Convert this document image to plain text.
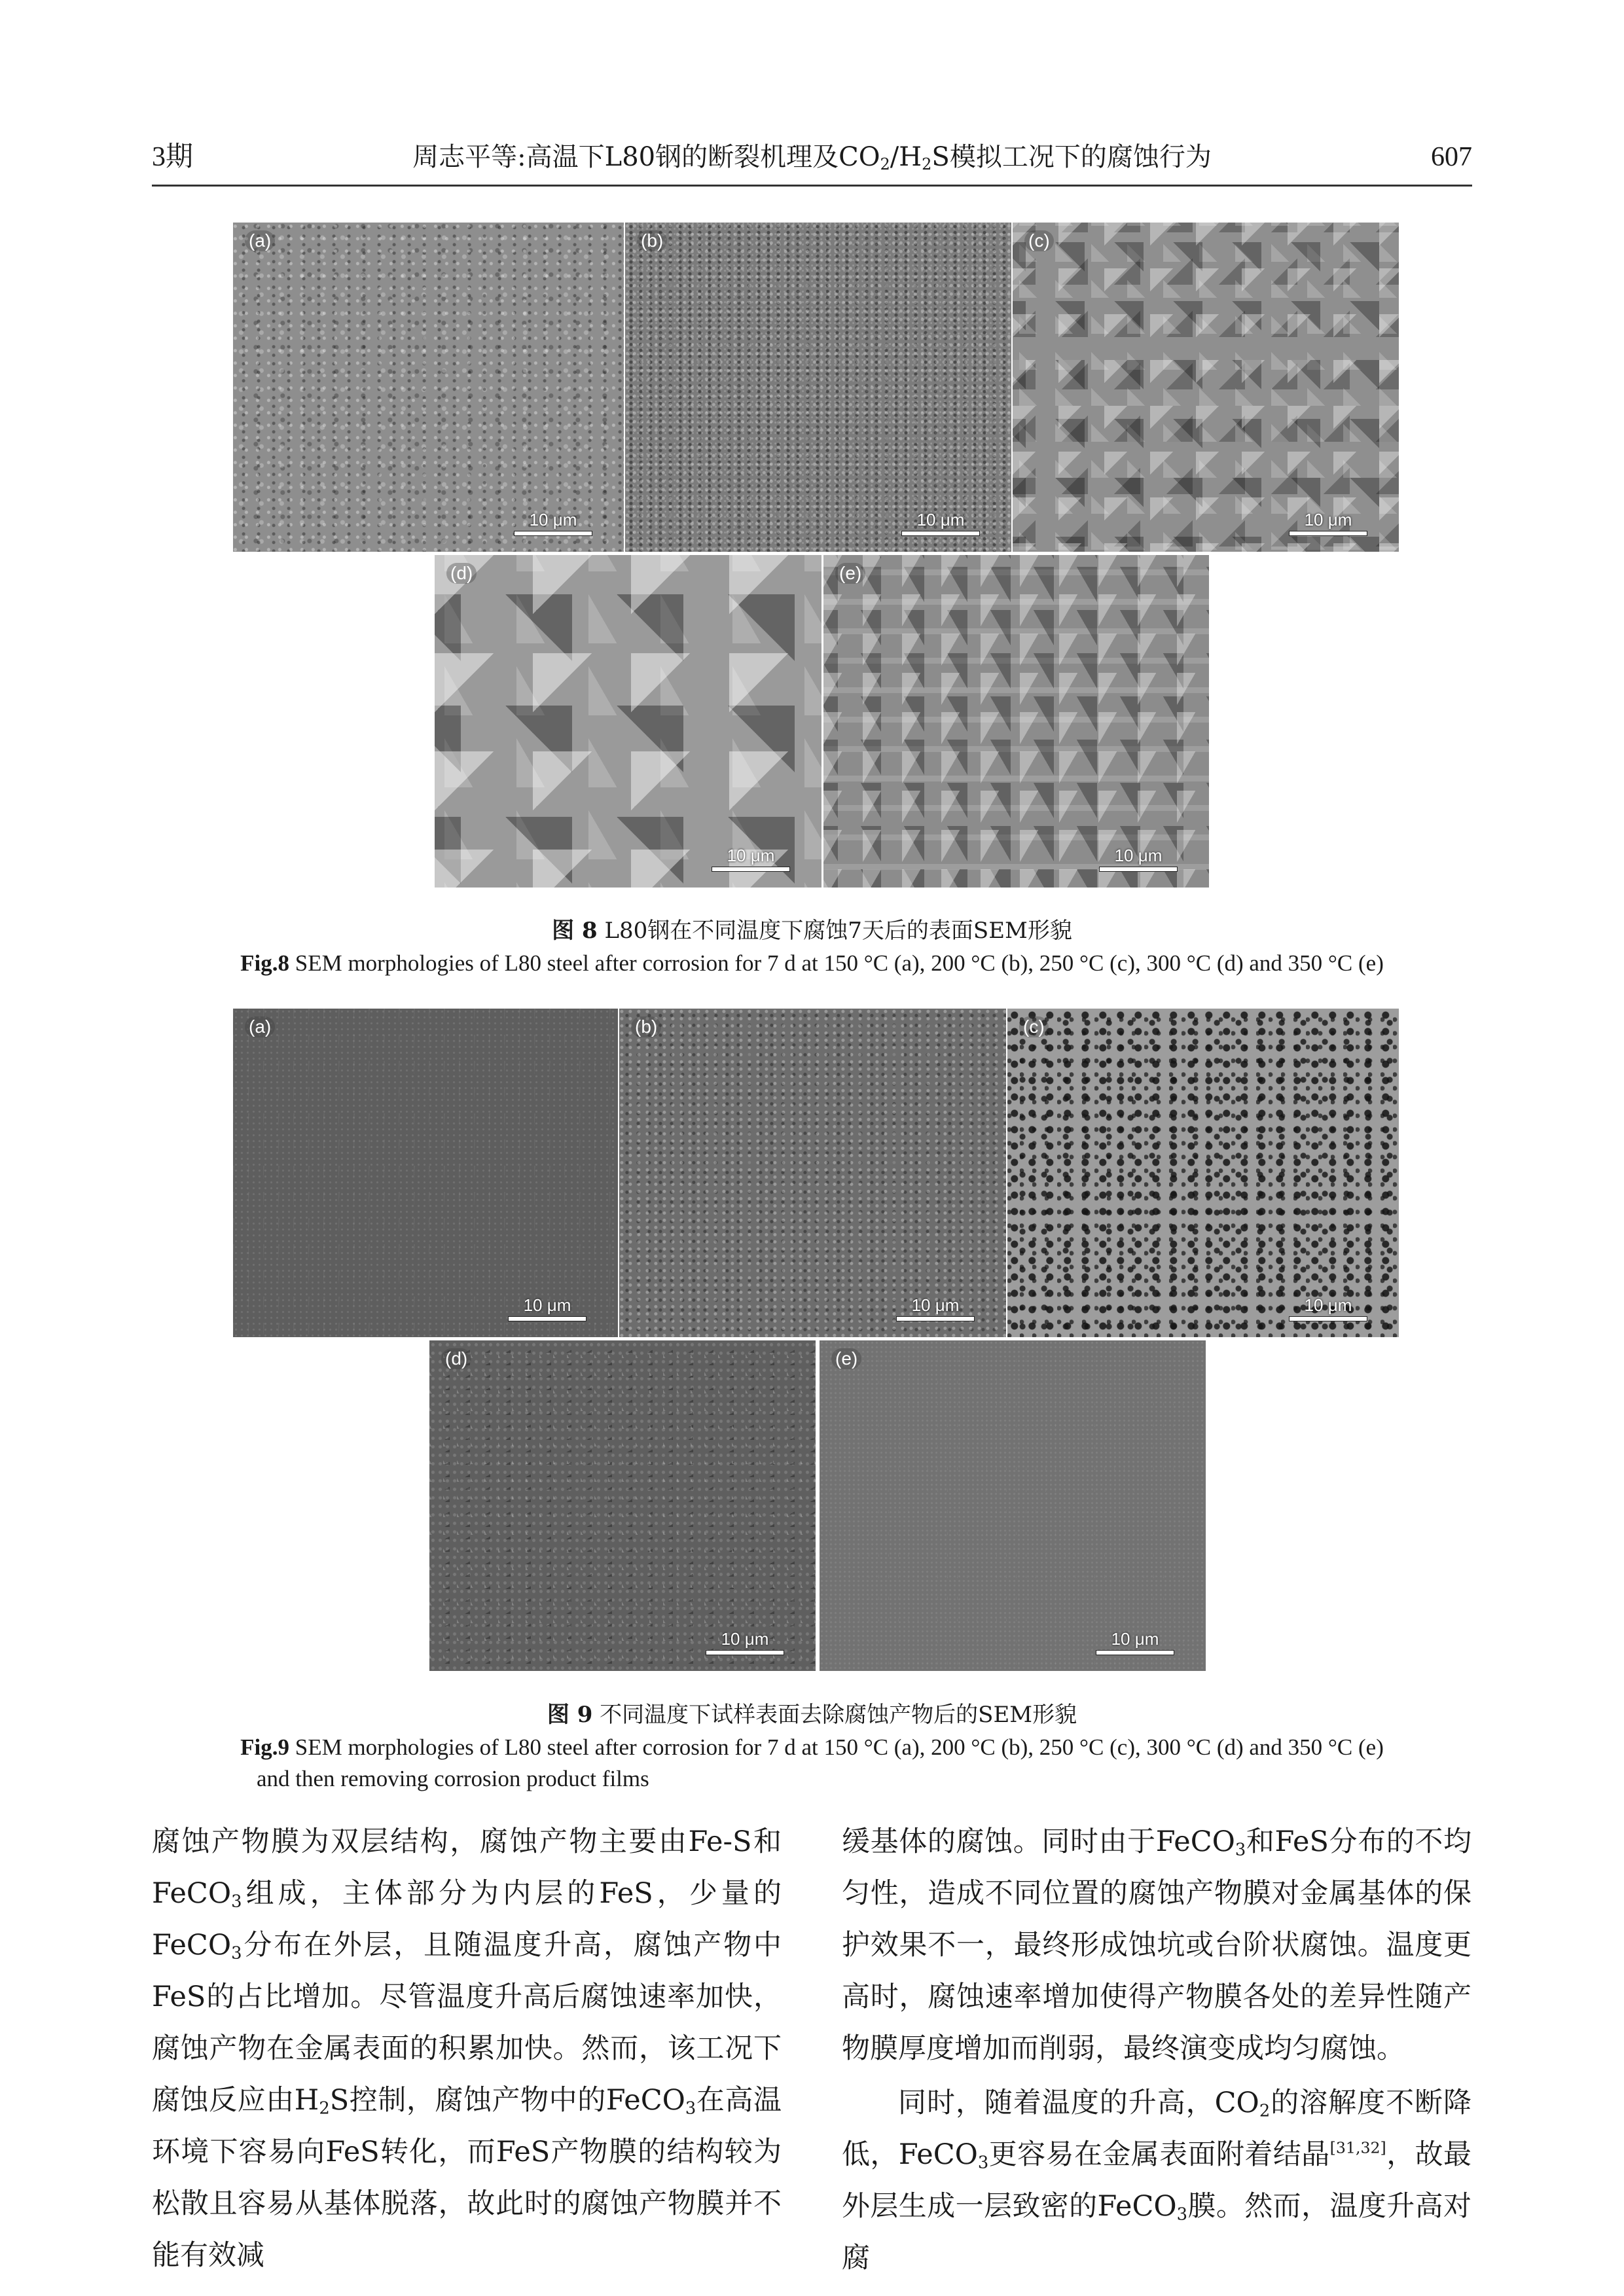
3期	周志平等:高温下L80钢的断裂机理及$CO_2/H_2S$模拟工况下的腐蚀行为	607
(a)
10 μm
(b)
10 μm
(c)
10 μm
(d)
10 μm
(e)
10 μm
图 8 L80钢在不同温度下腐蚀7天后的表面SEM形貌
Fig.8 SEM morphologies of L80 steel after corrosion for 7 d at 150 °C (a), 200 °C (b), 250 °C (c), 300 °C (d) and 350 °C (e)
(a)
10 μm
(b)
10 μm
(c)
10 μm
(d)
10 μm
(e)
10 μm
图 9 不同温度下试样表面去除腐蚀产物后的SEM形貌
Fig.9 SEM morphologies of L80 steel after corrosion for 7 d at 150 °C (a), 200 °C (b), 250 °C (c), 300 °C (d) and 350 °C (e)
and then removing corrosion product films

腐蚀产物膜为双层结构，腐蚀产物主要由Fe-S和FeCO$_3$组成，主体部分为内层的FeS，少量的FeCO$_3$分布在外层，且随温度升高，腐蚀产物中FeS的占比增加。尽管温度升高后腐蚀速率加快，腐蚀产物在金属表面的积累加快。然而，该工况下腐蚀反应由$H_2S$控制，腐蚀产物中的FeCO$_3$在高温环境下容易向FeS转化，而FeS产物膜的结构较为松散且容易从基体脱落，故此时的腐蚀产物膜并不能有效减

缓基体的腐蚀。同时由于FeCO$_3$和FeS分布的不均匀性，造成不同位置的腐蚀产物膜对金属基体的保护效果不一，最终形成蚀坑或台阶状腐蚀。温度更高时，腐蚀速率增加使得产物膜各处的差异性随产物膜厚度增加而削弱，最终演变成均匀腐蚀。

同时，随着温度的升高，$CO_2$的溶解度不断降低，FeCO$_3$更容易在金属表面附着结晶[31,32]，故最外层生成一层致密的FeCO$_3$膜。然而，温度升高对腐
